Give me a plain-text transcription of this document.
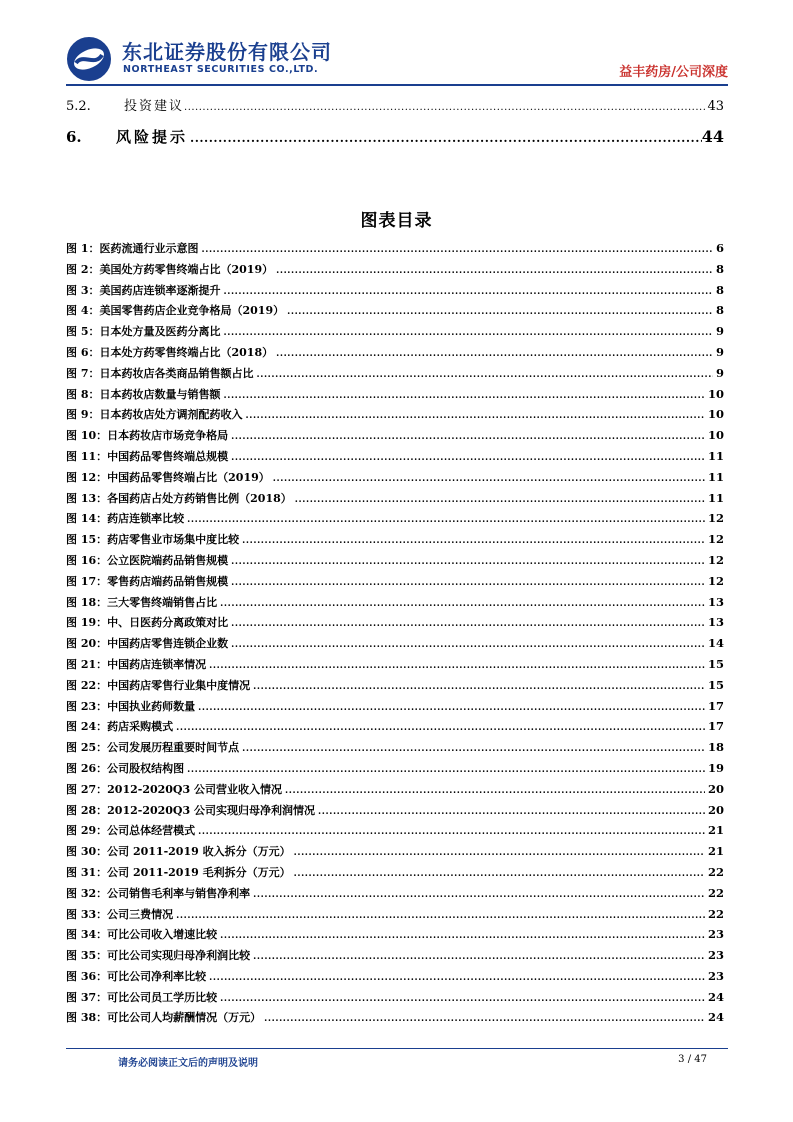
东北证券股份有限公司
NORTHEAST SECURITIES CO.,LTD.	益丰药房/公司深度
5.2.	投资建议 .....	43
6.	风险提示 .....	44
图表目录
图 1： 医药流通行业示意图 .....	6
图 2： 美国处方药零售终端占比（2019） .....	8
图 3： 美国药店连锁率逐渐提升 .....	8
图 4： 美国零售药店企业竞争格局（2019） .....	8
图 5： 日本处方量及医药分离比 .....	9
图 6： 日本处方药零售终端占比（2018） .....	9
图 7： 日本药妆店各类商品销售额占比 .....	9
图 8： 日本药妆店数量与销售额 .....	10
图 9： 日本药妆店处方调剂配药收入 .....	10
图 10： 日本药妆店市场竞争格局 .....	10
图 11： 中国药品零售终端总规模 .....	11
图 12： 中国药品零售终端占比（2019） .....	11
图 13： 各国药店占处方药销售比例（2018） .....	11
图 14： 药店连锁率比较 .....	12
图 15： 药店零售业市场集中度比较 .....	12
图 16： 公立医院端药品销售规模 .....	12
图 17： 零售药店端药品销售规模 .....	12
图 18： 三大零售终端销售占比 .....	13
图 19： 中、日医药分离政策对比 .....	13
图 20： 中国药店零售连锁企业数 .....	14
图 21： 中国药店连锁率情况 .....	15
图 22： 中国药店零售行业集中度情况 .....	15
图 23： 中国执业药师数量 .....	17
图 24： 药店采购模式 .....	17
图 25： 公司发展历程重要时间节点 .....	18
图 26： 公司股权结构图 .....	19
图 27： 2012-2020Q3 公司营业收入情况 .....	20
图 28： 2012-2020Q3 公司实现归母净利润情况 .....	20
图 29： 公司总体经营模式 .....	21
图 30： 公司 2011-2019 收入拆分（万元） .....	21
图 31： 公司 2011-2019 毛利拆分（万元） .....	22
图 32： 公司销售毛利率与销售净利率 .....	22
图 33： 公司三费情况 .....	22
图 34： 可比公司收入增速比较 .....	23
图 35： 可比公司实现归母净利润比较 .....	23
图 36： 可比公司净利率比较 .....	23
图 37： 可比公司员工学历比较 .....	24
图 38： 可比公司人均薪酬情况（万元） .....	24
请务必阅读正文后的声明及说明	3 / 47
